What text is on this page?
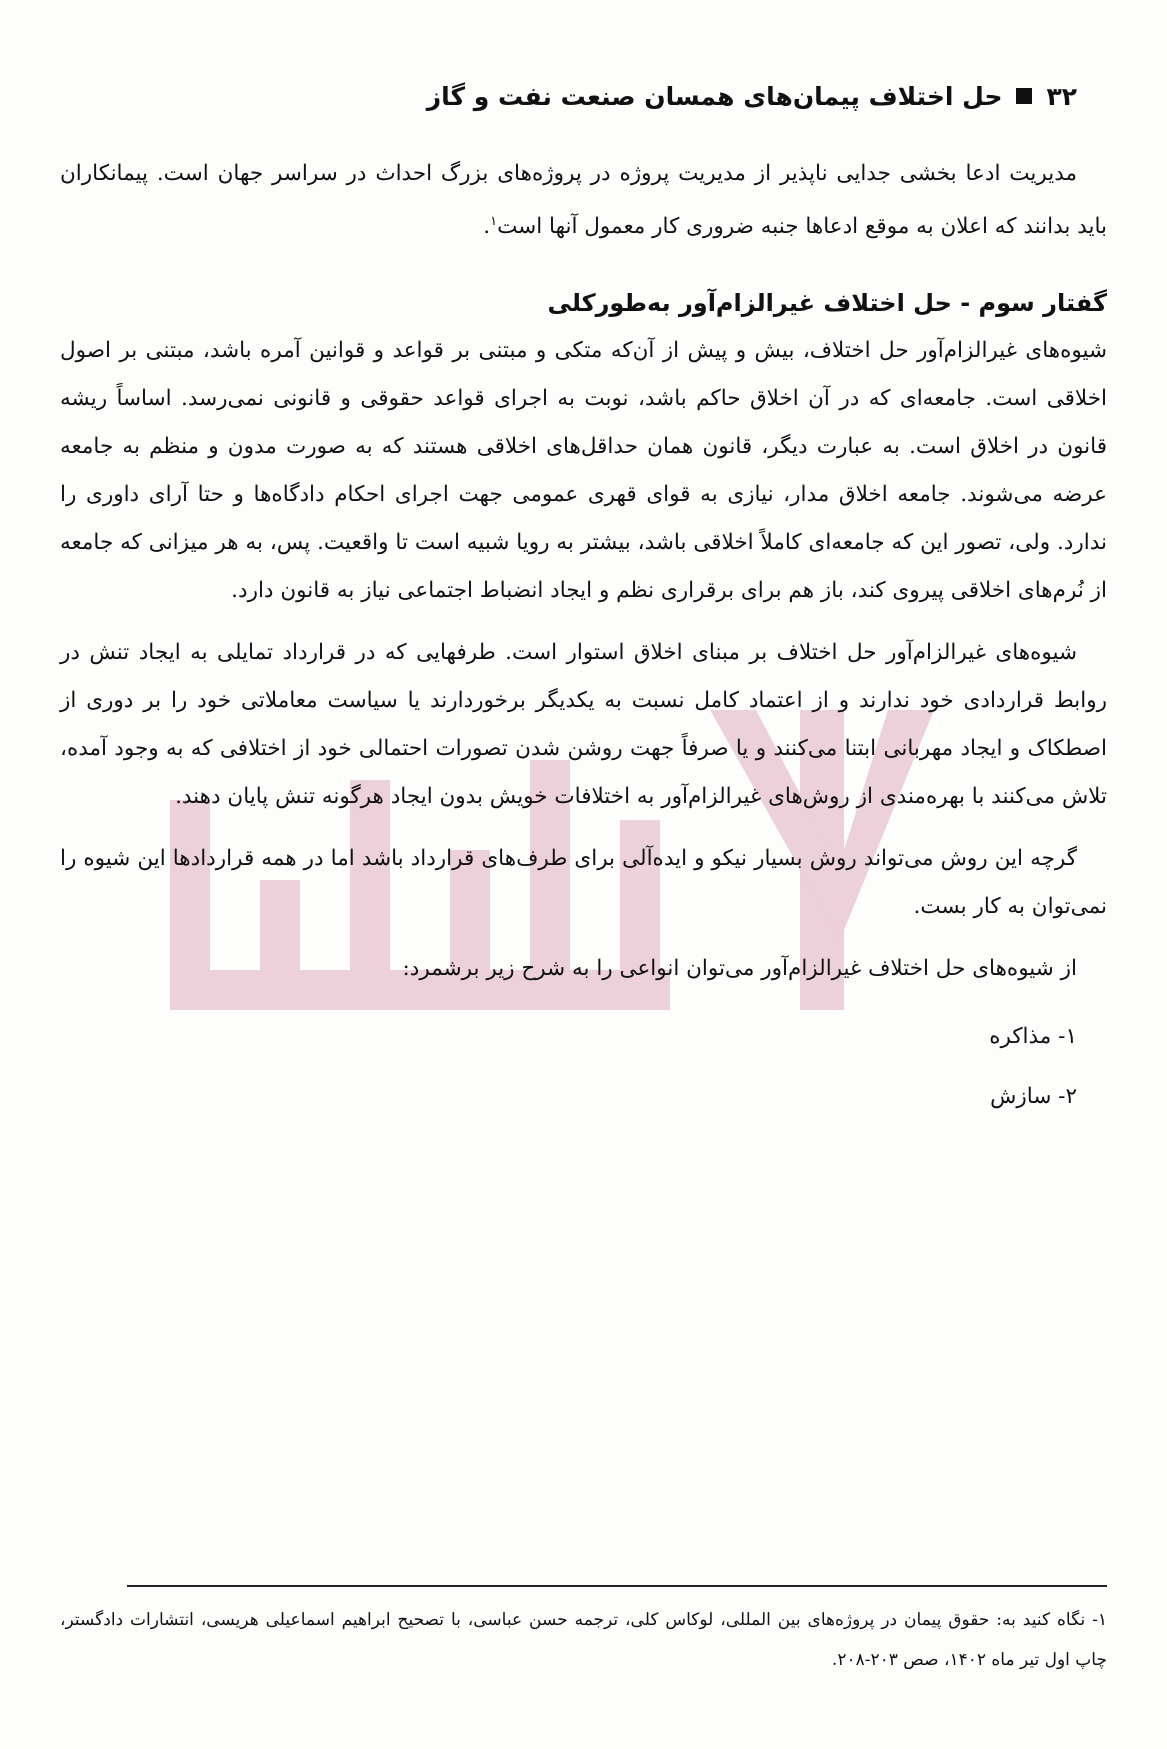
۳۲
حل اختلاف پیمان‌های همسان صنعت نفت و گاز

مدیریت ادعا بخشی جدایی ناپذیر از مدیریت پروژه در پروژه‌های بزرگ احداث در سراسر جهان است. پیمانکاران باید بدانند که اعلان به موقع ادعاها جنبه ضروری کار معمول آنها است$^۱$.

گفتار سوم - حل اختلاف غیرالزام‌آور به‌طورکلی

شیوه‌های غیرالزام‌آور حل اختلاف، بیش و پیش از آن‌که متکی و مبتنی بر قواعد و قوانین آمره باشد، مبتنی بر اصول اخلاقی است. جامعه‌ای که در آن اخلاق حاکم باشد، نوبت به اجرای قواعد حقوقی و قانونی نمی‌رسد. اساساً ریشه قانون در اخلاق است. به عبارت دیگر، قانون همان حداقل‌های اخلاقی هستند که به صورت مدون و منظم به جامعه عرضه می‌شوند. جامعه اخلاق مدار، نیازی به قوای قهری عمومی جهت اجرای احکام دادگاه‌ها و حتا آرای داوری را ندارد. ولی، تصور این که جامعه‌ای کاملاً اخلاقی باشد، بیشتر به رویا شبیه است تا واقعیت. پس، به هر میزانی که جامعه از نُرم‌های اخلاقی پیروی کند، باز هم برای برقراری نظم و ایجاد انضباط اجتماعی نیاز به قانون دارد.

شیوه‌های غیرالزام‌آور حل اختلاف بر مبنای اخلاق استوار است. طرفهایی که در قرارداد تمایلی به ایجاد تنش در روابط قراردادی خود ندارند و از اعتماد کامل نسبت به یکدیگر برخوردارند یا سیاست معاملاتی خود را بر دوری از اصطکاک و ایجاد مهربانی ابتنا می‌کنند و یا صرفاً جهت روشن شدن تصورات احتمالی خود از اختلافی که به وجود آمده، تلاش می‌کنند با بهره‌مندی از روش‌های غیرالزام‌آور به اختلافات خویش بدون ایجاد هرگونه تنش پایان دهند.

گرچه این روش می‌تواند روش بسیار نیکو و ایده‌آلی برای طرف‌های قرارداد باشد اما در همه قراردادها این شیوه را نمی‌توان به کار بست.

از شیوه‌های حل اختلاف غیرالزام‌آور می‌توان انواعی را به شرح زیر برشمرد:

۱- مذاکره
۲- سازش
۱- نگاه کنید به: حقوق پیمان در پروژه‌های بین المللی، لوکاس کلی، ترجمه حسن عباسی، با تصحیح ابراهیم اسماعیلی هریسی، انتشارات دادگستر، چاپ اول تیر ماه ۱۴۰۲، صص ۲۰۳-۲۰۸.
